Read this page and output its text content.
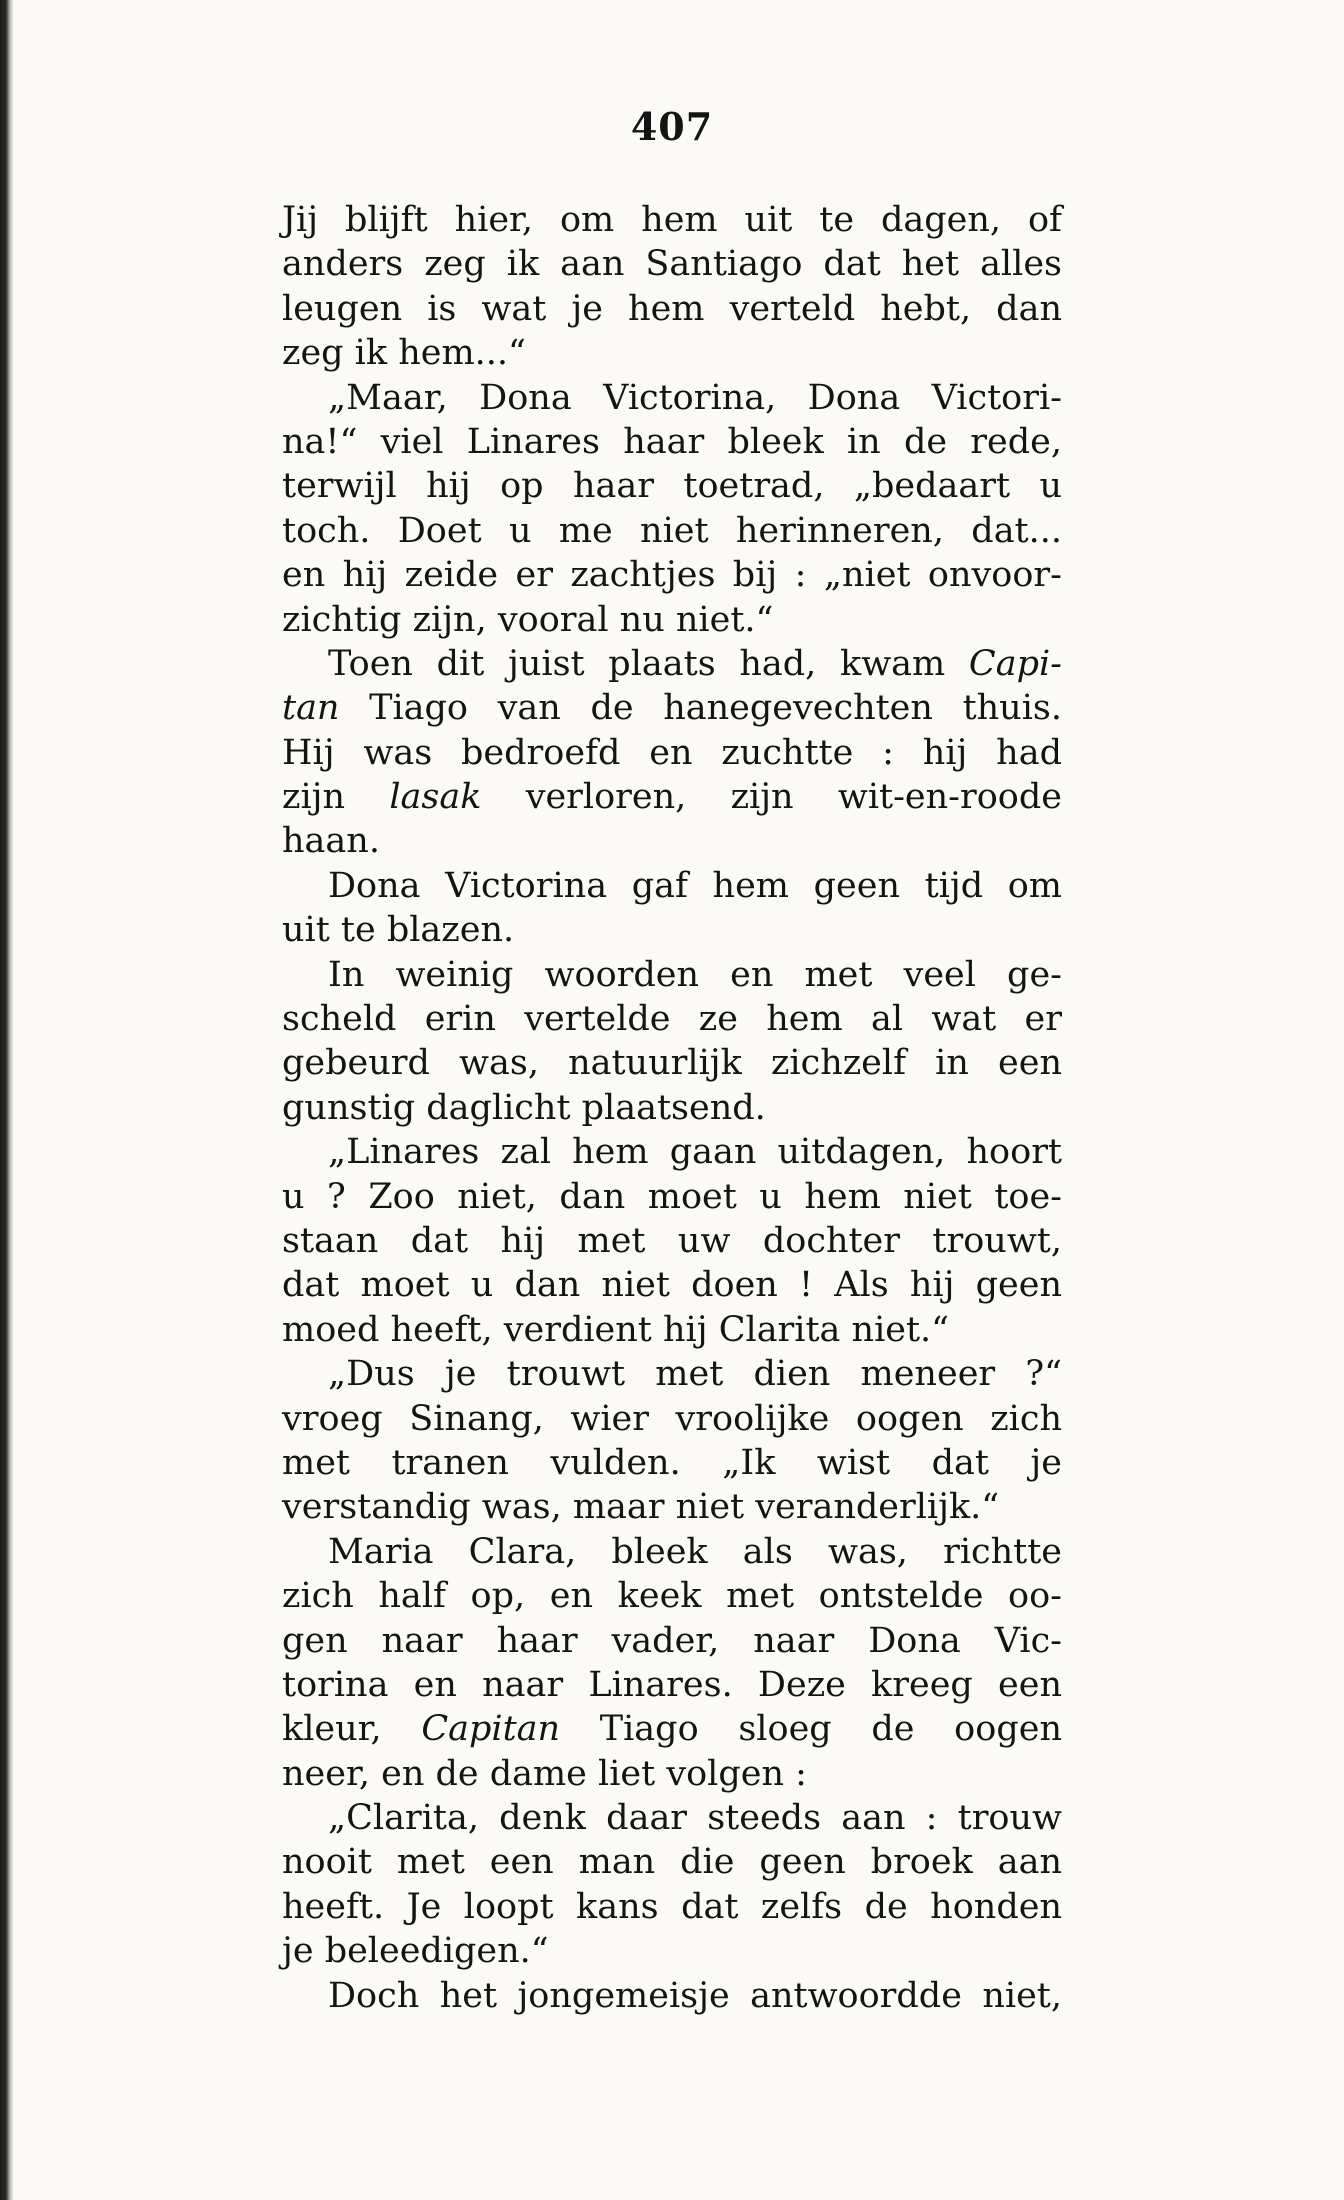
407
Jij blijft hier, om hem uit te dagen, of
anders zeg ik aan Santiago dat het alles
leugen is wat je hem verteld hebt, dan
zeg ik hem...“
„Maar, Dona Victorina, Dona Victori-
na!“ viel Linares haar bleek in de rede,
terwijl hij op haar toetrad, „bedaart u
toch. Doet u me niet herinneren, dat...
en hij zeide er zachtjes bij : „niet onvoor-
zichtig zijn, vooral nu niet.“
Toen dit juist plaats had, kwam Capi-
tan Tiago van de hanegevechten thuis.
Hij was bedroefd en zuchtte : hij had
zijn lasak verloren, zijn wit-en-roode
haan.
Dona Victorina gaf hem geen tijd om
uit te blazen.
In weinig woorden en met veel ge-
scheld erin vertelde ze hem al wat er
gebeurd was, natuurlijk zichzelf in een
gunstig daglicht plaatsend.
„Linares zal hem gaan uitdagen, hoort
u ? Zoo niet, dan moet u hem niet toe-
staan dat hij met uw dochter trouwt,
dat moet u dan niet doen ! Als hij geen
moed heeft, verdient hij Clarita niet.“
„Dus je trouwt met dien meneer ?“
vroeg Sinang, wier vroolijke oogen zich
met tranen vulden. „Ik wist dat je
verstandig was, maar niet veranderlijk.“
Maria Clara, bleek als was, richtte
zich half op, en keek met ontstelde oo-
gen naar haar vader, naar Dona Vic-
torina en naar Linares. Deze kreeg een
kleur, Capitan Tiago sloeg de oogen
neer, en de dame liet volgen :
„Clarita, denk daar steeds aan : trouw
nooit met een man die geen broek aan
heeft. Je loopt kans dat zelfs de honden
je beleedigen.“
Doch het jongemeisje antwoordde niet,
